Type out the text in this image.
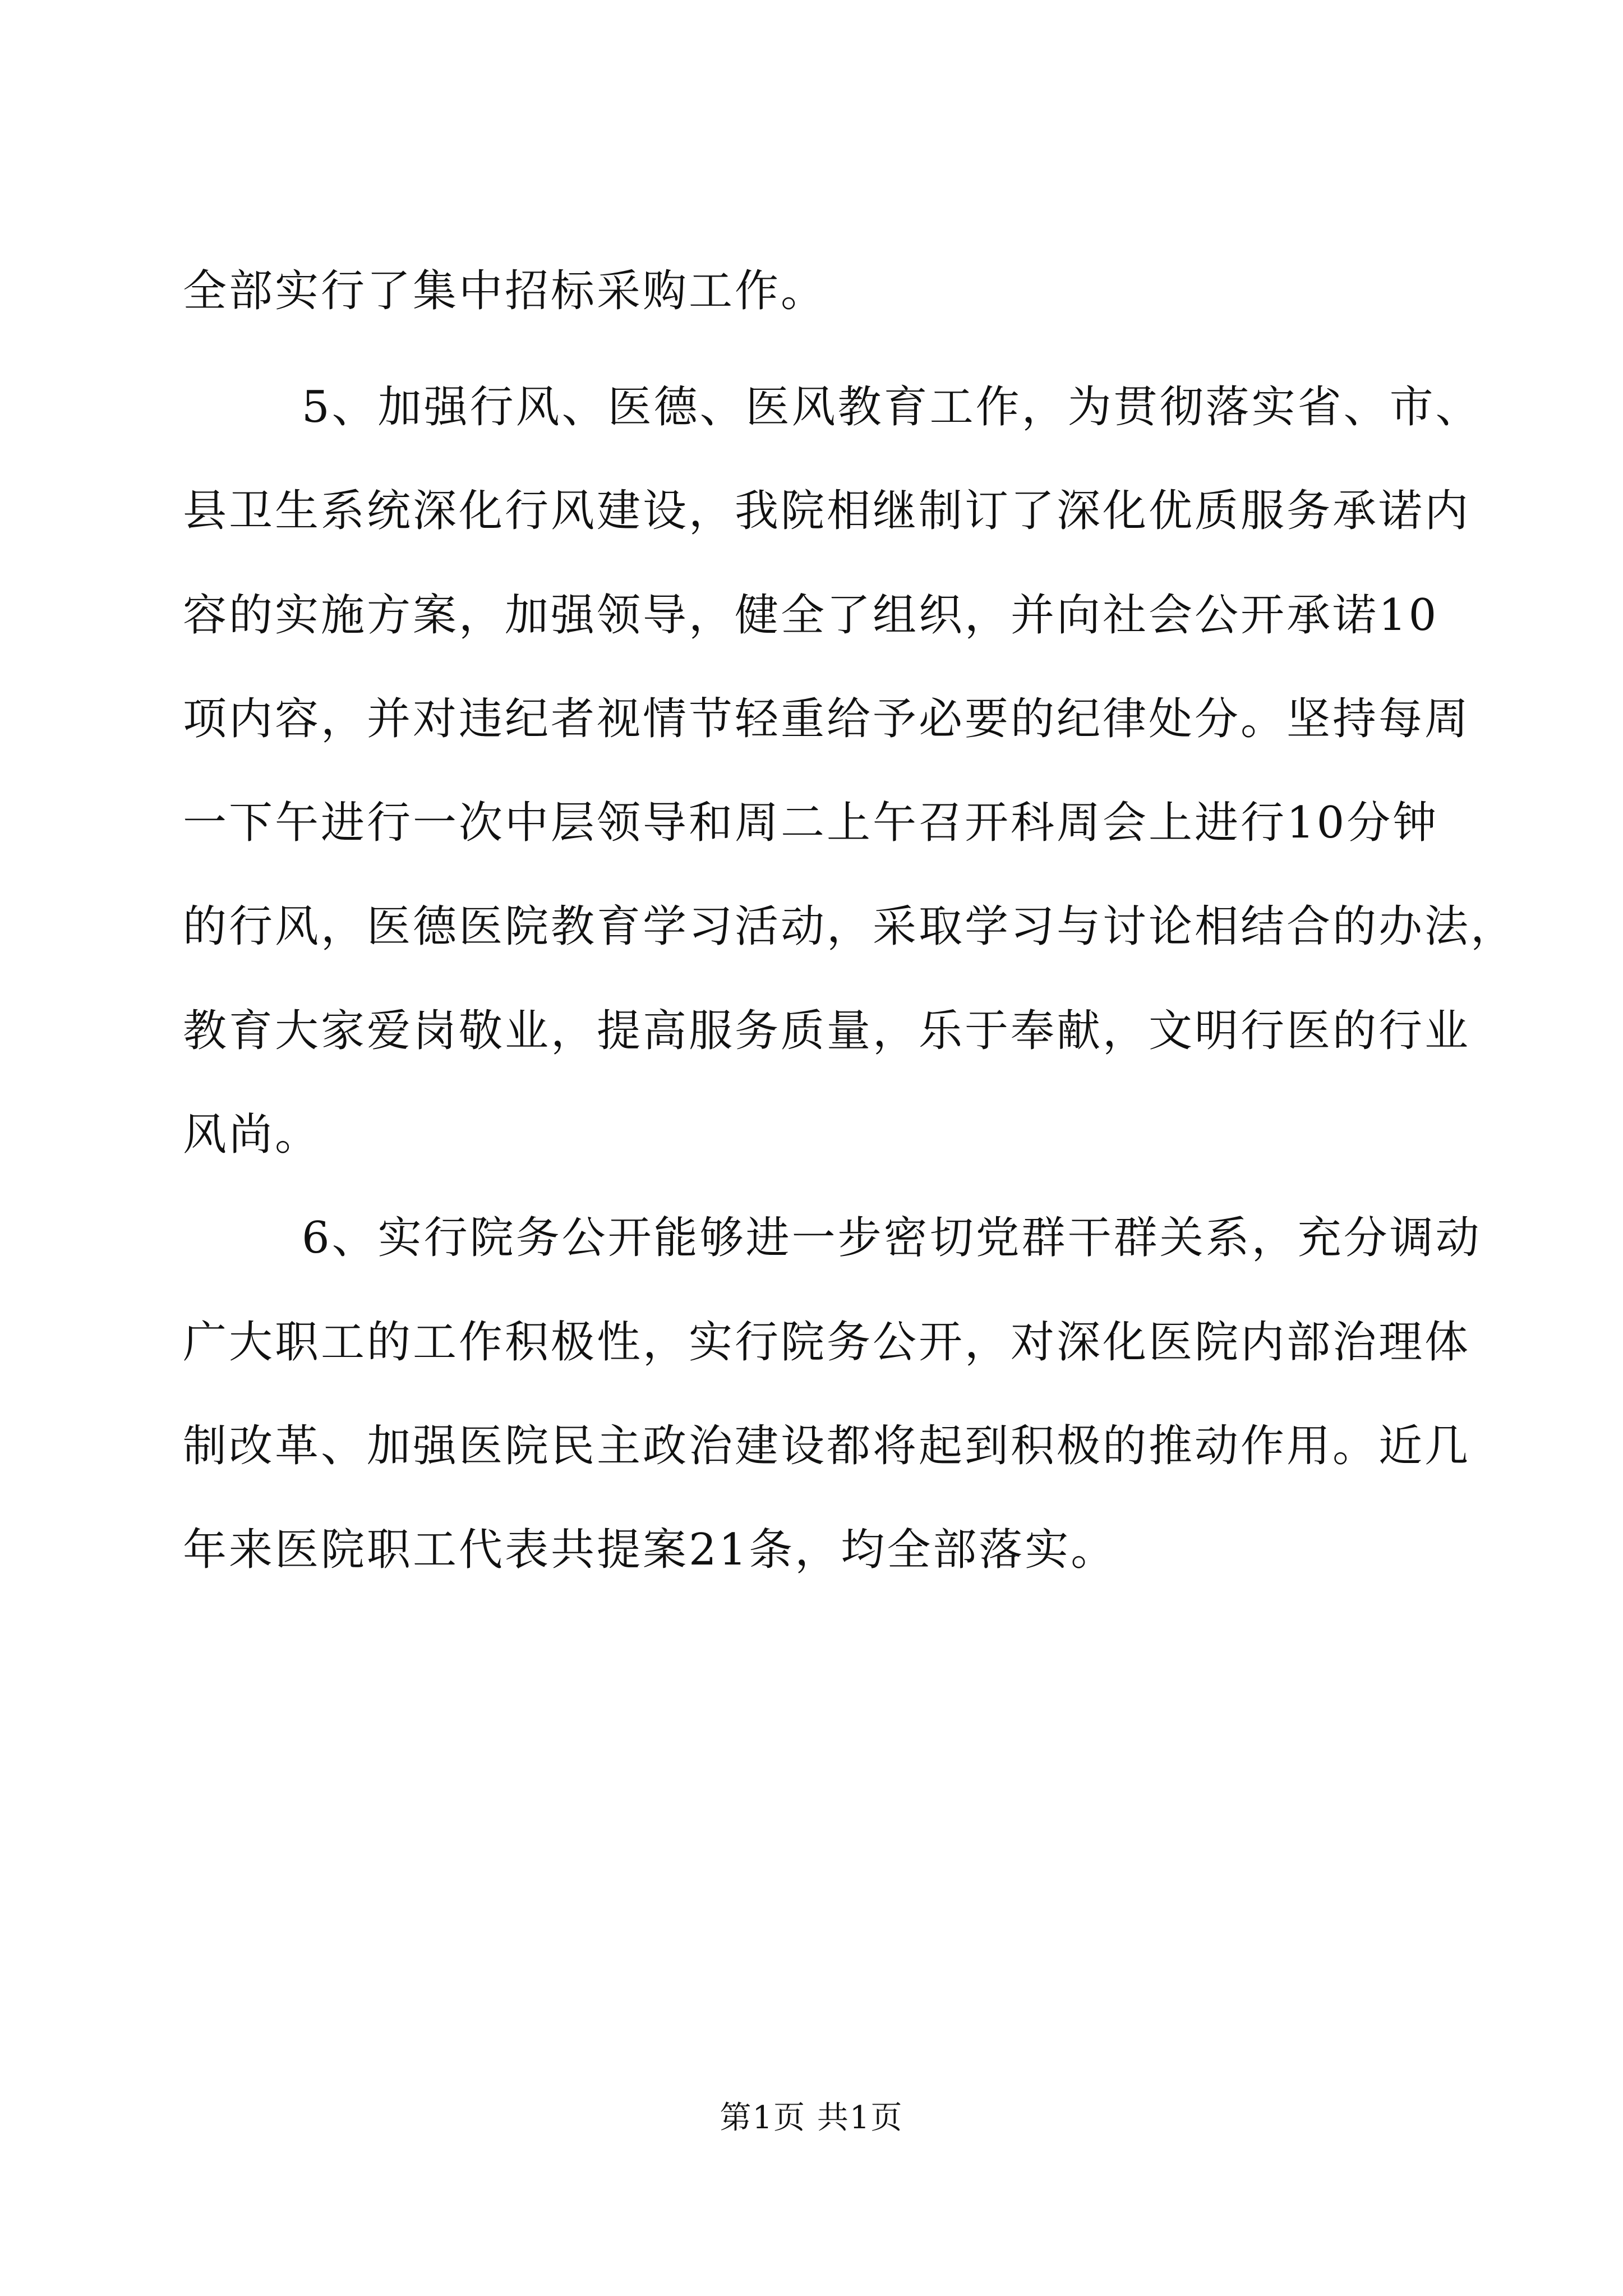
全部实行了集中招标采购工作。
5、加强行风、医德、医风教育工作，为贯彻落实省、市、
县卫生系统深化行风建设，我院相继制订了深化优质服务承诺内
容的实施方案，加强领导，健全了组织，并向社会公开承诺10
项内容，并对违纪者视情节轻重给予必要的纪律处分。坚持每周
一下午进行一次中层领导和周二上午召开科周会上进行10分钟
的行风，医德医院教育学习活动，采取学习与讨论相结合的办法，
教育大家爱岗敬业，提高服务质量，乐于奉献，文明行医的行业
风尚。
6、实行院务公开能够进一步密切党群干群关系，充分调动
广大职工的工作积极性，实行院务公开，对深化医院内部治理体
制改革、加强医院民主政治建设都将起到积极的推动作用。近几
年来医院职工代表共提案21条，均全部落实。
第1页 共1页
